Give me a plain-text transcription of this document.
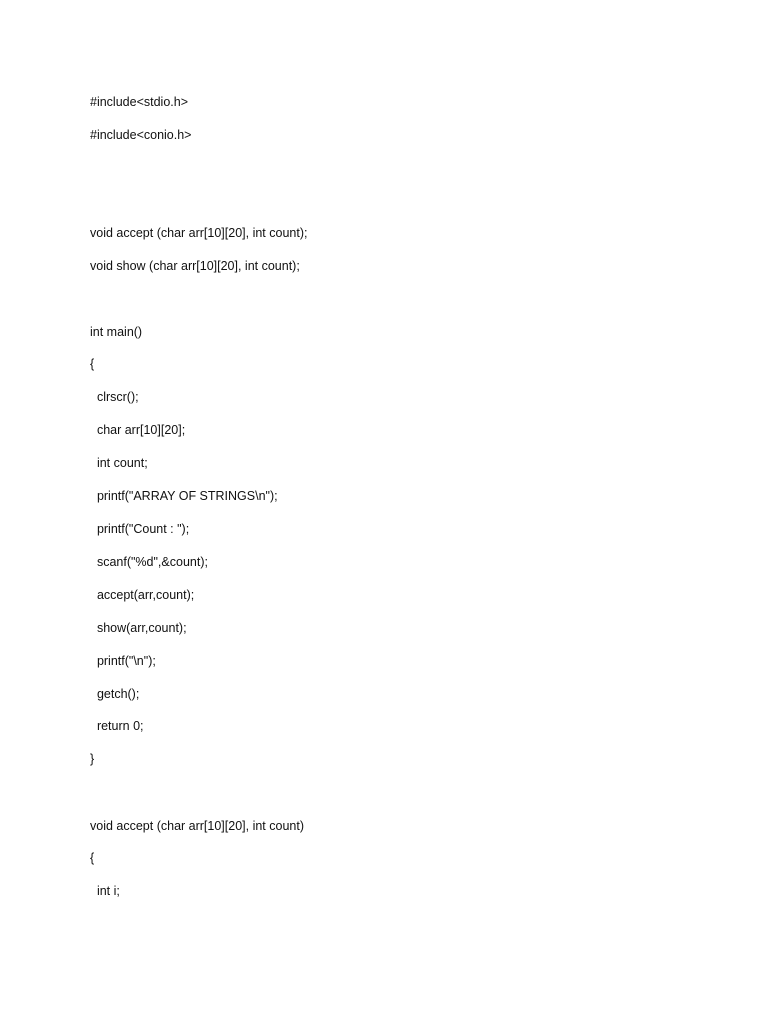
#include<stdio.h>

#include<conio.h>

void accept (char arr[10][20], int count);

void show (char arr[10][20], int count);

int main()

{

clrscr();

char arr[10][20];

int count;

printf("ARRAY OF STRINGS\n");

printf("Count : ");

scanf("%d",&count);

accept(arr,count);

show(arr,count);

printf("\n");

getch();

return 0;

}

void accept (char arr[10][20], int count)

{

int i;
